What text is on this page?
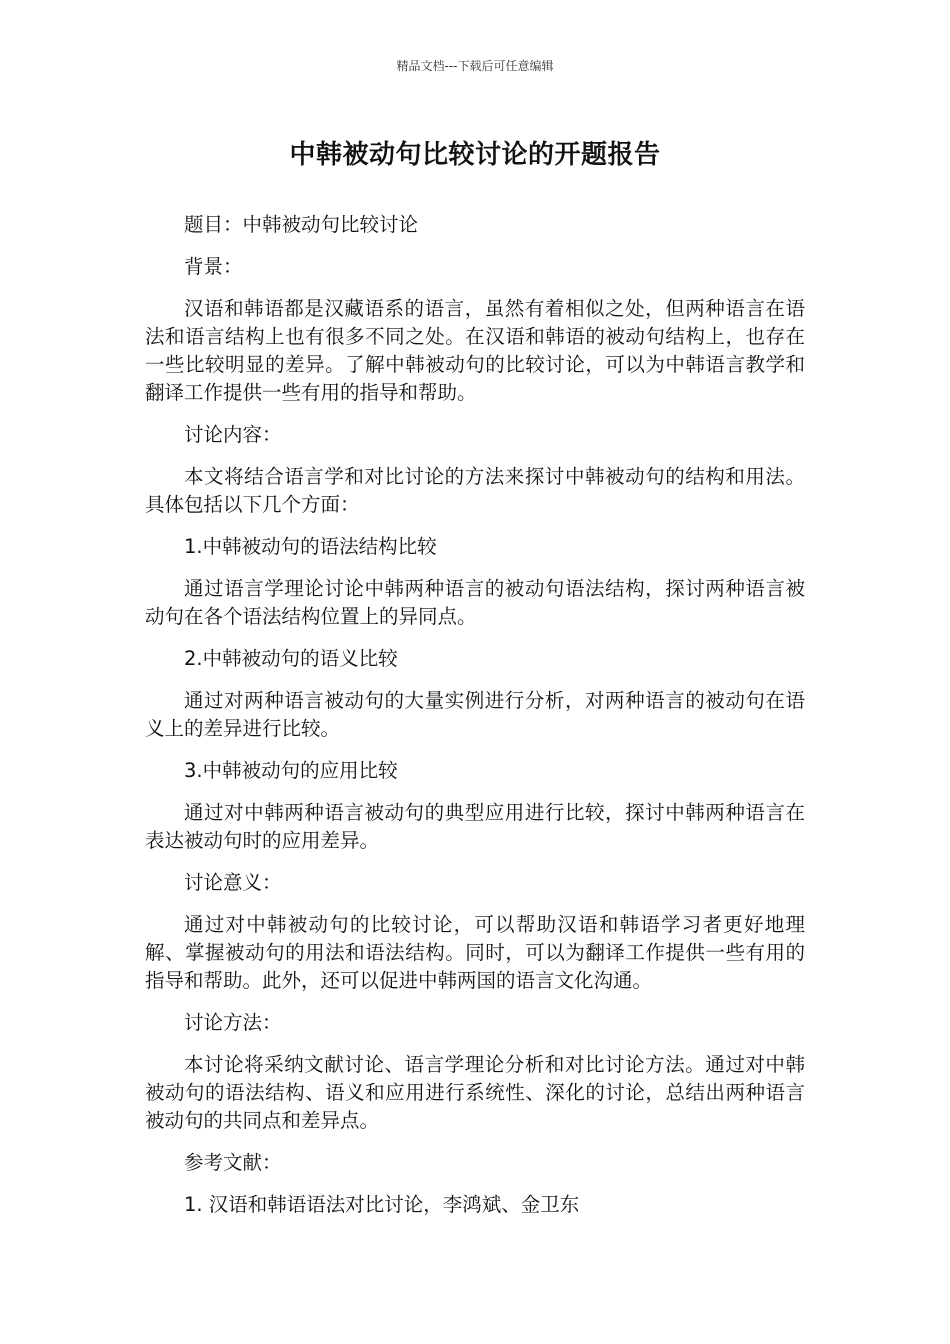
精品文档---下载后可任意编辑
中韩被动句比较讨论的开题报告

题目：中韩被动句比较讨论

背景：

汉语和韩语都是汉藏语系的语言，虽然有着相似之处，但两种语言在语法和语言结构上也有很多不同之处。在汉语和韩语的被动句结构上，也存在一些比较明显的差异。了解中韩被动句的比较讨论，可以为中韩语言教学和翻译工作提供一些有用的指导和帮助。

讨论内容：

本文将结合语言学和对比讨论的方法来探讨中韩被动句的结构和用法。具体包括以下几个方面：

1.中韩被动句的语法结构比较

通过语言学理论讨论中韩两种语言的被动句语法结构，探讨两种语言被动句在各个语法结构位置上的异同点。

2.中韩被动句的语义比较

通过对两种语言被动句的大量实例进行分析，对两种语言的被动句在语义上的差异进行比较。

3.中韩被动句的应用比较

通过对中韩两种语言被动句的典型应用进行比较，探讨中韩两种语言在表达被动句时的应用差异。

讨论意义：

通过对中韩被动句的比较讨论，可以帮助汉语和韩语学习者更好地理解、掌握被动句的用法和语法结构。同时，可以为翻译工作提供一些有用的指导和帮助。此外，还可以促进中韩两国的语言文化沟通。

讨论方法：

本讨论将采纳文献讨论、语言学理论分析和对比讨论方法。通过对中韩被动句的语法结构、语义和应用进行系统性、深化的讨论，总结出两种语言被动句的共同点和差异点。

参考文献：

1. 汉语和韩语语法对比讨论，李鸿斌、金卫东
